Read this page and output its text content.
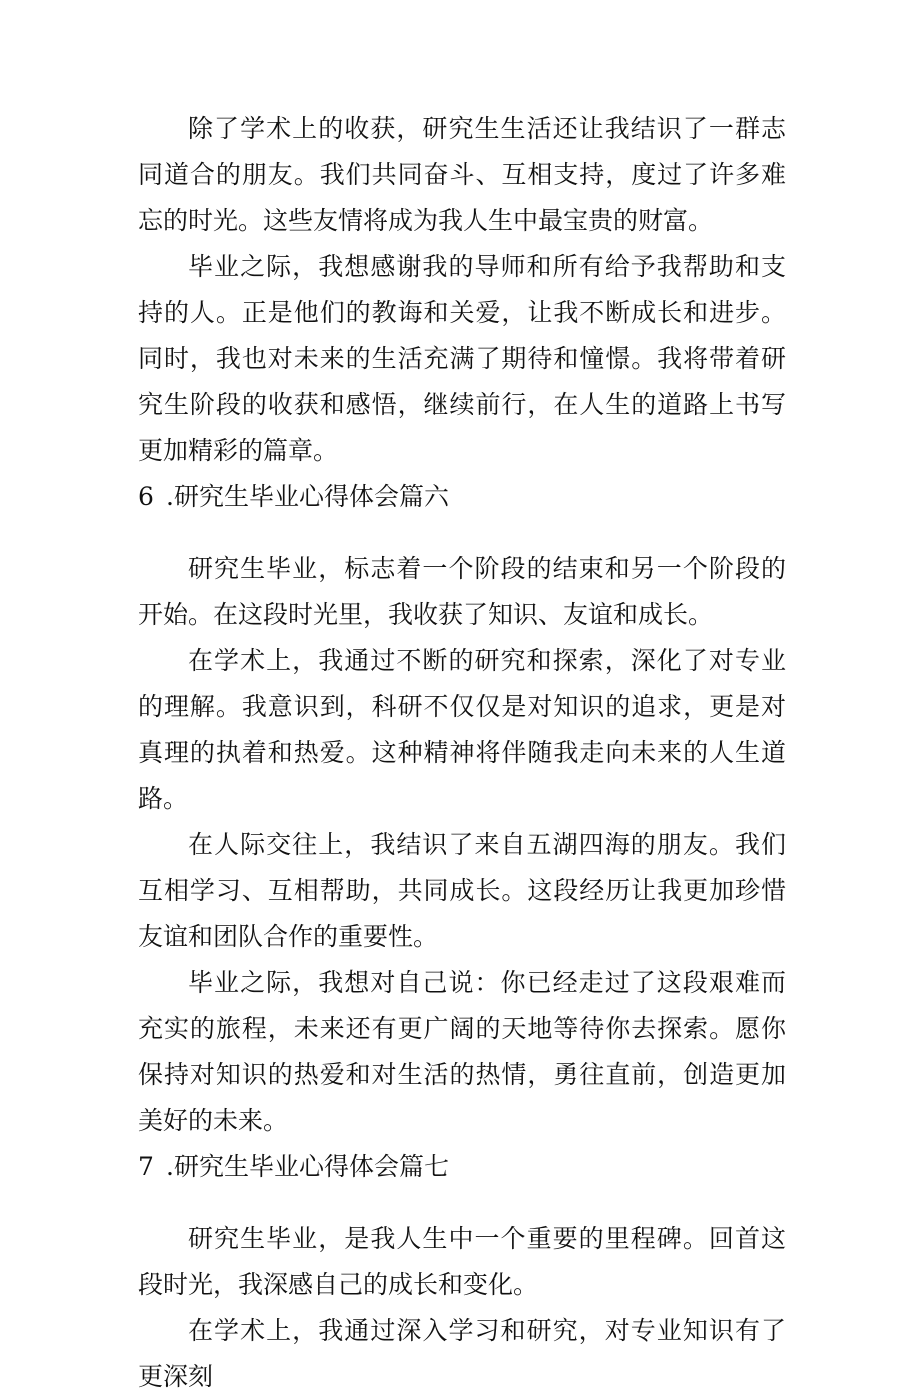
除了学术上的收获，研究生生活还让我结识了一群志同道合的朋友。我们共同奋斗、互相支持，度过了许多难忘的时光。这些友情将成为我人生中最宝贵的财富。

毕业之际，我想感谢我的导师和所有给予我帮助和支持的人。正是他们的教诲和关爱，让我不断成长和进步。同时，我也对未来的生活充满了期待和憧憬。我将带着研究生阶段的收获和感悟，继续前行，在人生的道路上书写更加精彩的篇章。

6 .研究生毕业心得体会篇六

研究生毕业，标志着一个阶段的结束和另一个阶段的开始。在这段时光里，我收获了知识、友谊和成长。

在学术上，我通过不断的研究和探索，深化了对专业的理解。我意识到，科研不仅仅是对知识的追求，更是对真理的执着和热爱。这种精神将伴随我走向未来的人生道路。

在人际交往上，我结识了来自五湖四海的朋友。我们互相学习、互相帮助，共同成长。这段经历让我更加珍惜友谊和团队合作的重要性。

毕业之际，我想对自己说：你已经走过了这段艰难而充实的旅程，未来还有更广阔的天地等待你去探索。愿你保持对知识的热爱和对生活的热情，勇往直前，创造更加美好的未来。

7 .研究生毕业心得体会篇七

研究生毕业，是我人生中一个重要的里程碑。回首这段时光，我深感自己的成长和变化。

在学术上，我通过深入学习和研究，对专业知识有了更深刻
